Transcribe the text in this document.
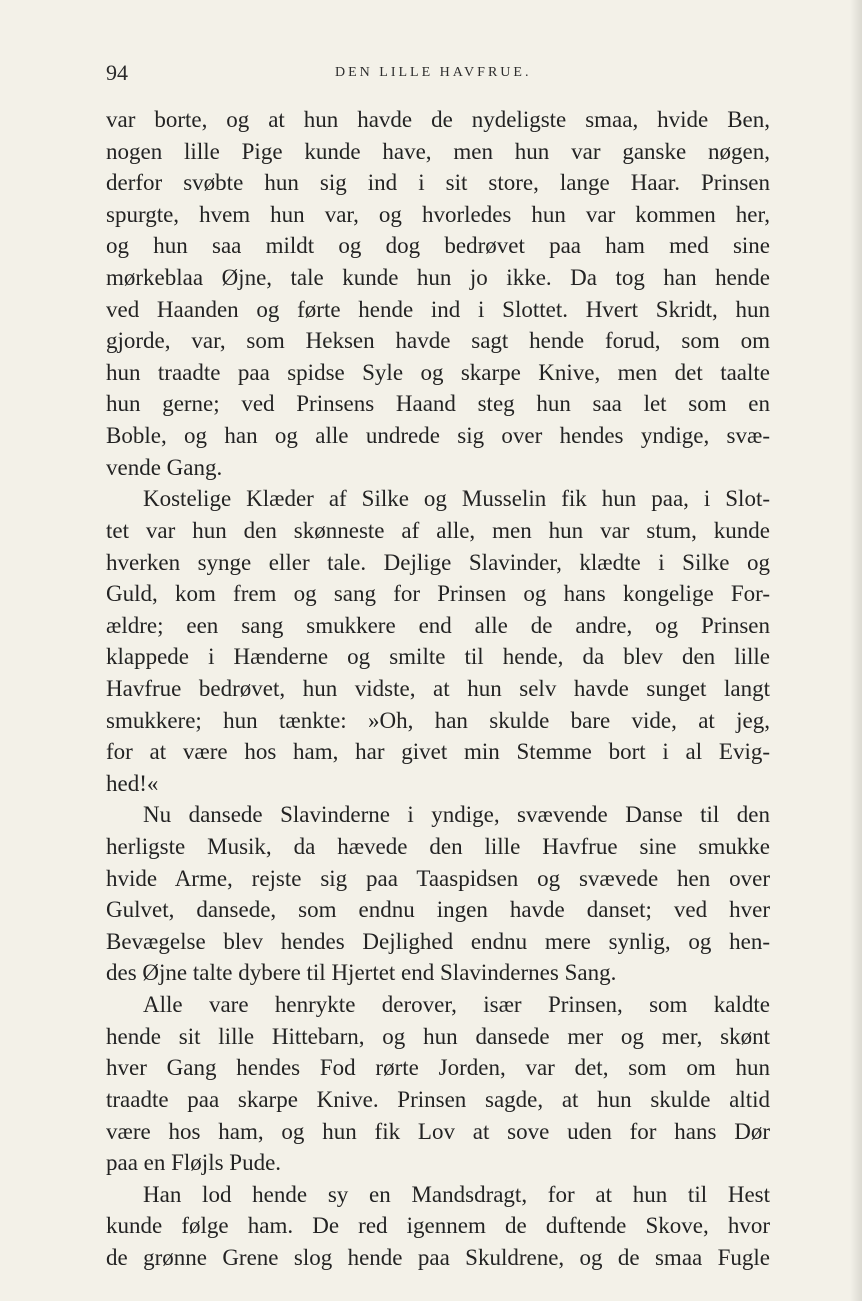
94	DEN LILLE HAVFRUE.
var borte, og at hun havde de nydeligste smaa, hvide Ben,
nogen lille Pige kunde have, men hun var ganske nøgen,
derfor svøbte hun sig ind i sit store, lange Haar. Prinsen
spurgte, hvem hun var, og hvorledes hun var kommen her,
og hun saa mildt og dog bedrøvet paa ham med sine
mørkeblaa Øjne, tale kunde hun jo ikke. Da tog han hende
ved Haanden og førte hende ind i Slottet. Hvert Skridt, hun
gjorde, var, som Heksen havde sagt hende forud, som om
hun traadte paa spidse Syle og skarpe Knive, men det taalte
hun gerne; ved Prinsens Haand steg hun saa let som en
Boble, og han og alle undrede sig over hendes yndige, svæ-
vende Gang.
Kostelige Klæder af Silke og Musselin fik hun paa, i Slot-
tet var hun den skønneste af alle, men hun var stum, kunde
hverken synge eller tale. Dejlige Slavinder, klædte i Silke og
Guld, kom frem og sang for Prinsen og hans kongelige For-
ældre; een sang smukkere end alle de andre, og Prinsen
klappede i Hænderne og smilte til hende, da blev den lille
Havfrue bedrøvet, hun vidste, at hun selv havde sunget langt
smukkere; hun tænkte: »Oh, han skulde bare vide, at jeg,
for at være hos ham, har givet min Stemme bort i al Evig-
hed!«
Nu dansede Slavinderne i yndige, svævende Danse til den
herligste Musik, da hævede den lille Havfrue sine smukke
hvide Arme, rejste sig paa Taaspidsen og svævede hen over
Gulvet, dansede, som endnu ingen havde danset; ved hver
Bevægelse blev hendes Dejlighed endnu mere synlig, og hen-
des Øjne talte dybere til Hjertet end Slavindernes Sang.
Alle vare henrykte derover, især Prinsen, som kaldte
hende sit lille Hittebarn, og hun dansede mer og mer, skønt
hver Gang hendes Fod rørte Jorden, var det, som om hun
traadte paa skarpe Knive. Prinsen sagde, at hun skulde altid
være hos ham, og hun fik Lov at sove uden for hans Dør
paa en Fløjls Pude.
Han lod hende sy en Mandsdragt, for at hun til Hest
kunde følge ham. De red igennem de duftende Skove, hvor
de grønne Grene slog hende paa Skuldrene, og de smaa Fugle
